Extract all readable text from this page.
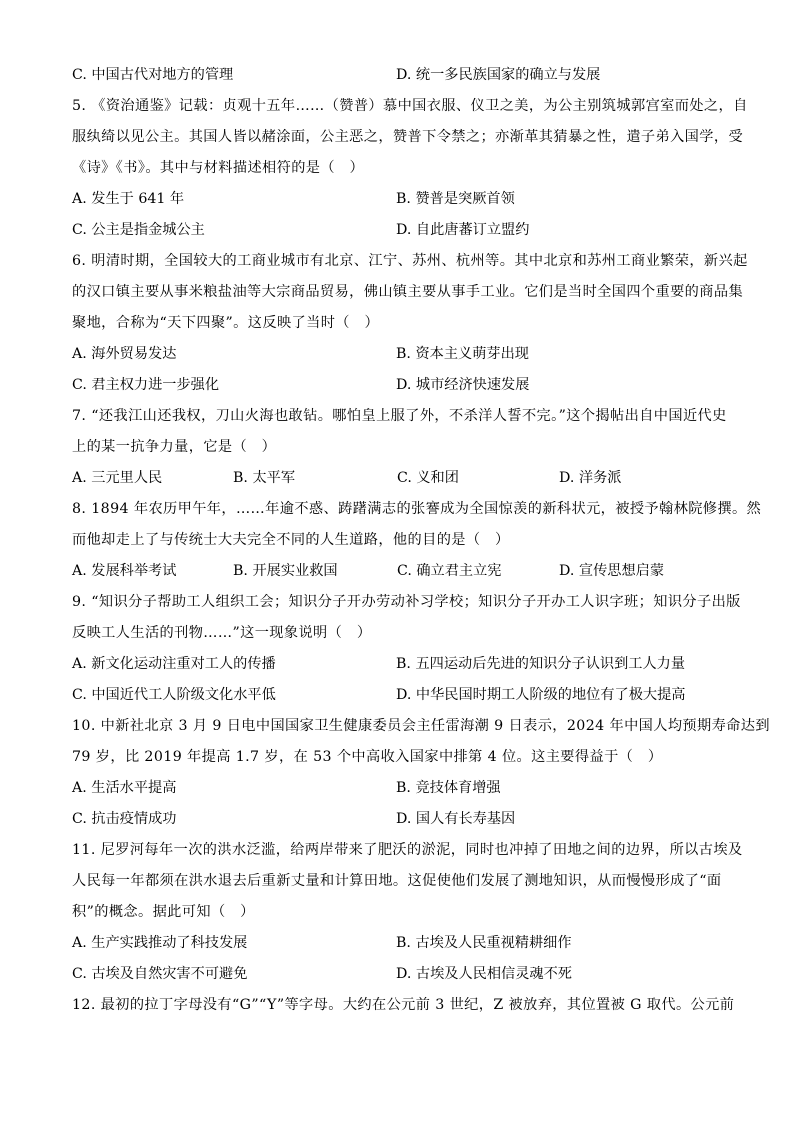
C. 中国古代对地方的管理	D. 统一多民族国家的确立与发展
5. 《资治通鉴》记载：贞观十五年……（赞普）慕中国衣服、仪卫之美，为公主别筑城郭宫室而处之，自
服纨绮以见公主。其国人皆以赭涂面，公主恶之，赞普下令禁之；亦渐革其猜暴之性，遣子弟入国学，受
《诗》《书》。其中与材料描述相符的是（　）
A. 发生于 641 年	B. 赞普是突厥首领
C. 公主是指金城公主	D. 自此唐蕃订立盟约
6. 明清时期，全国较大的工商业城市有北京、江宁、苏州、杭州等。其中北京和苏州工商业繁荣，新兴起
的汉口镇主要从事米粮盐油等大宗商品贸易，佛山镇主要从事手工业。它们是当时全国四个重要的商品集
聚地，合称为“天下四聚”。这反映了当时（　）
A. 海外贸易发达	B. 资本主义萌芽出现
C. 君主权力进一步强化	D. 城市经济快速发展
7. “还我江山还我权，刀山火海也敢钻。哪怕皇上服了外，不杀洋人誓不完。”这个揭帖出自中国近代史
上的某一抗争力量，它是（　）
A. 三元里人民	B. 太平军	C. 义和团	D. 洋务派
8. 1894 年农历甲午年，……年逾不惑、踌躇满志的张謇成为全国惊羡的新科状元，被授予翰林院修撰。然
而他却走上了与传统士大夫完全不同的人生道路，他的目的是（　）
A. 发展科举考试	B. 开展实业救国	C. 确立君主立宪	D. 宣传思想启蒙
9. “知识分子帮助工人组织工会；知识分子开办劳动补习学校；知识分子开办工人识字班；知识分子出版
反映工人生活的刊物……”这一现象说明（　）
A. 新文化运动注重对工人的传播	B. 五四运动后先进的知识分子认识到工人力量
C. 中国近代工人阶级文化水平低	D. 中华民国时期工人阶级的地位有了极大提高
10. 中新社北京 3 月 9 日电中国国家卫生健康委员会主任雷海潮 9 日表示，2024 年中国人均预期寿命达到
79 岁，比 2019 年提高 1.7 岁，在 53 个中高收入国家中排第 4 位。这主要得益于（　）
A. 生活水平提高	B. 竞技体育增强
C. 抗击疫情成功	D. 国人有长寿基因
11. 尼罗河每年一次的洪水泛滥，给两岸带来了肥沃的淤泥，同时也冲掉了田地之间的边界，所以古埃及
人民每一年都须在洪水退去后重新丈量和计算田地。这促使他们发展了测地知识，从而慢慢形成了“面
积”的概念。据此可知（　）
A. 生产实践推动了科技发展	B. 古埃及人民重视精耕细作
C. 古埃及自然灾害不可避免	D. 古埃及人民相信灵魂不死
12. 最初的拉丁字母没有“G”“Y”等字母。大约在公元前 3 世纪，Z 被放弃，其位置被 G 取代。公元前
